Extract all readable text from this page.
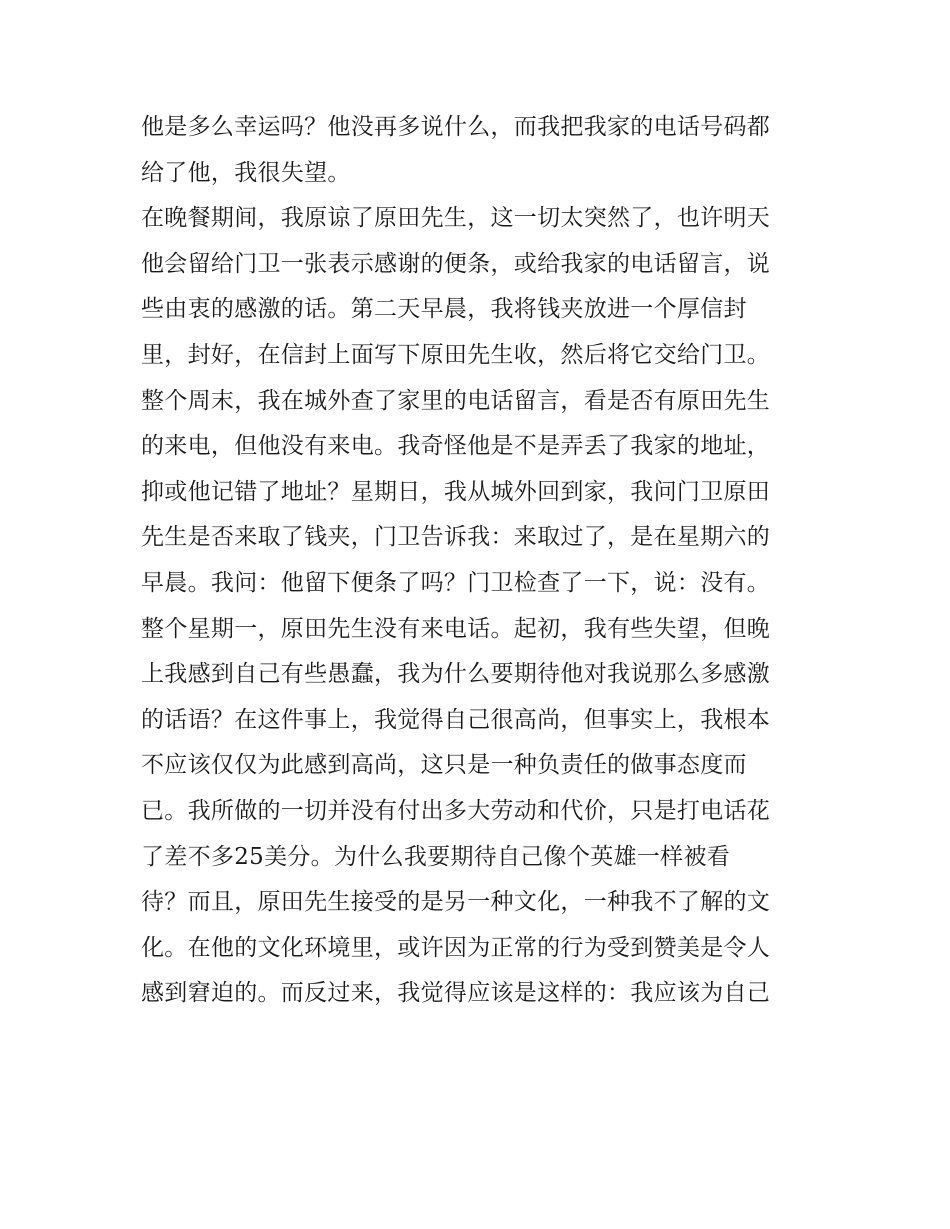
他是多么幸运吗？他没再多说什么，而我把我家的电话号码都
给了他，我很失望。
在晚餐期间，我原谅了原田先生，这一切太突然了，也许明天
他会留给门卫一张表示感谢的便条，或给我家的电话留言，说
些由衷的感激的话。第二天早晨，我将钱夹放进一个厚信封
里，封好，在信封上面写下原田先生收，然后将它交给门卫。
整个周末，我在城外查了家里的电话留言，看是否有原田先生
的来电，但他没有来电。我奇怪他是不是弄丢了我家的地址，
抑或他记错了地址？星期日，我从城外回到家，我问门卫原田
先生是否来取了钱夹，门卫告诉我：来取过了，是在星期六的
早晨。我问：他留下便条了吗？门卫检查了一下，说：没有。
整个星期一，原田先生没有来电话。起初，我有些失望，但晚
上我感到自己有些愚蠢，我为什么要期待他对我说那么多感激
的话语？在这件事上，我觉得自己很高尚，但事实上，我根本
不应该仅仅为此感到高尚，这只是一种负责任的做事态度而
已。我所做的一切并没有付出多大劳动和代价，只是打电话花
了差不多25美分。为什么我要期待自己像个英雄一样被看
待？而且，原田先生接受的是另一种文化，一种我不了解的文
化。在他的文化环境里，或许因为正常的行为受到赞美是令人
感到窘迫的。而反过来，我觉得应该是这样的：我应该为自己
